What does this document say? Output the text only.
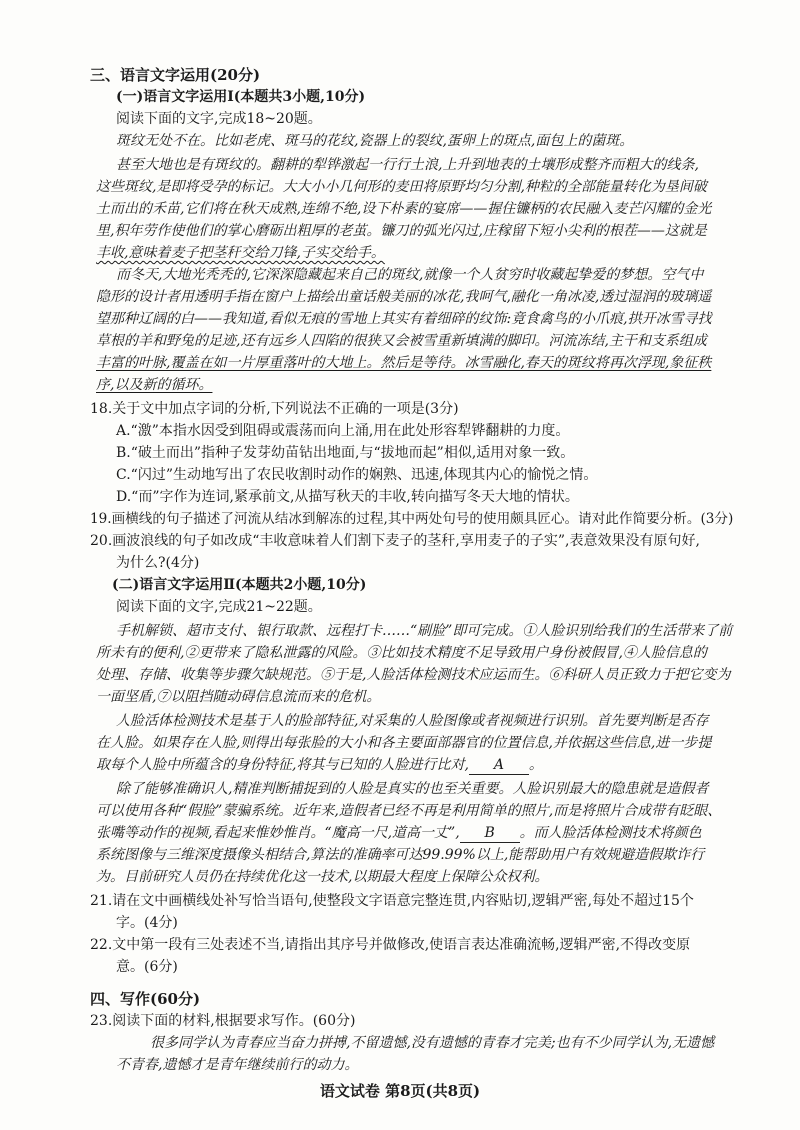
三、语言文字运用(20分)
(一)语言文字运用Ⅰ(本题共3小题,10分)
阅读下面的文字,完成18~20题。
斑纹无处不在。比如老虎、斑马的花纹,瓷器上的裂纹,蛋卵上的斑点,面包上的菌斑。
甚至大地也是有斑纹的。翻耕的犁铧激起一行行土浪,上升到地表的土壤形成整齐而粗大的线条,
这些斑纹,是即将受孕的标记。大大小小几何形的麦田将原野均匀分割,种粒的全部能量转化为垦间破
土而出的禾苗,它们将在秋天成熟,连绵不绝,设下朴素的宴席——握住镰柄的农民融入麦芒闪耀的金光
里,积年劳作使他们的掌心磨砺出粗厚的老茧。镰刀的弧光闪过,庄稼留下短小尖利的根茬——这就是
丰收,意味着麦子把茎秆交给刀锋,子实交给手。
而冬天,大地光秃秃的,它深深隐藏起来自己的斑纹,就像一个人贫穷时收藏起挚爱的梦想。空气中
隐形的设计者用透明手指在窗户上描绘出童话般美丽的冰花,我呵气,融化一角冰凌,透过湿润的玻璃遥
望那种辽阔的白——我知道,看似无痕的雪地上其实有着细碎的纹饰:竟食禽鸟的小爪痕,拱开冰雪寻找
草根的羊和野兔的足迹,还有远乡人四陷的很狭又会被雪重新填满的脚印。河流冻结,主干和支系组成
丰富的叶脉,覆盖在如一片厚重落叶的大地上。然后是等待。冰雪融化,春天的斑纹将再次浮现,象征秩
序,以及新的循环。
18.关于文中加点字词的分析,下列说法不正确的一项是(3分)
A.“激”本指水因受到阻碍或震荡而向上涌,用在此处形容犁铧翻耕的力度。
B.“破土而出”指种子发芽幼苗钻出地面,与“拔地而起”相似,适用对象一致。
C.“闪过”生动地写出了农民收割时动作的娴熟、迅速,体现其内心的愉悦之情。
D.“而”字作为连词,紧承前文,从描写秋天的丰收,转向描写冬天大地的情状。
19.画横线的句子描述了河流从结冰到解冻的过程,其中两处句号的使用颇具匠心。请对此作简要分析。(3分)
20.画波浪线的句子如改成“丰收意味着人们割下麦子的茎秆,享用麦子的子实”,表意效果没有原句好,
为什么?(4分)
(二)语言文字运用Ⅱ(本题共2小题,10分)
阅读下面的文字,完成21~22题。
手机解锁、超市支付、银行取款、远程打卡……“刷脸”即可完成。①人脸识别给我们的生活带来了前
所未有的便利,②更带来了隐私泄露的风险。③比如技术精度不足导致用户身份被假冒,④人脸信息的
处理、存储、收集等步骤欠缺规范。⑤于是,人脸活体检测技术应运而生。⑥科研人员正致力于把它变为
一面坚盾,⑦以阻挡随动碍信息流而来的危机。
人脸活体检测技术是基于人的脸部特征,对采集的人脸图像或者视频进行识别。首先要判断是否存
在人脸。如果存在人脸,则得出每张脸的大小和各主要面部器官的位置信息,并依据这些信息,进一步提
取每个人脸中所蕴含的身份特征,将其与已知的人脸进行比对, A 。
除了能够准确识人,精准判断捕捉到的人脸是真实的也至关重要。人脸识别最大的隐患就是造假者
可以使用各种“假脸”蒙骗系统。近年来,造假者已经不再是利用简单的照片,而是将照片合成带有眨眼、
张嘴等动作的视频,看起来惟妙惟肖。“魔高一尺,道高一丈”, B 。而人脸活体检测技术将颜色
系统图像与三维深度摄像头相结合,算法的准确率可达99.99%以上,能帮助用户有效规避造假欺诈行
为。目前研究人员仍在持续优化这一技术,以期最大程度上保障公众权利。
21.请在文中画横线处补写恰当语句,使整段文字语意完整连贯,内容贴切,逻辑严密,每处不超过15个
字。(4分)
22.文中第一段有三处表述不当,请指出其序号并做修改,使语言表达准确流畅,逻辑严密,不得改变原
意。(6分)
四、写作(60分)
23.阅读下面的材料,根据要求写作。(60分)
很多同学认为青春应当奋力拼搏,不留遗憾,没有遗憾的青春才完美;也有不少同学认为,无遗憾
不青春,遗憾才是青年继续前行的动力。
语文试卷 第8页(共8页)
